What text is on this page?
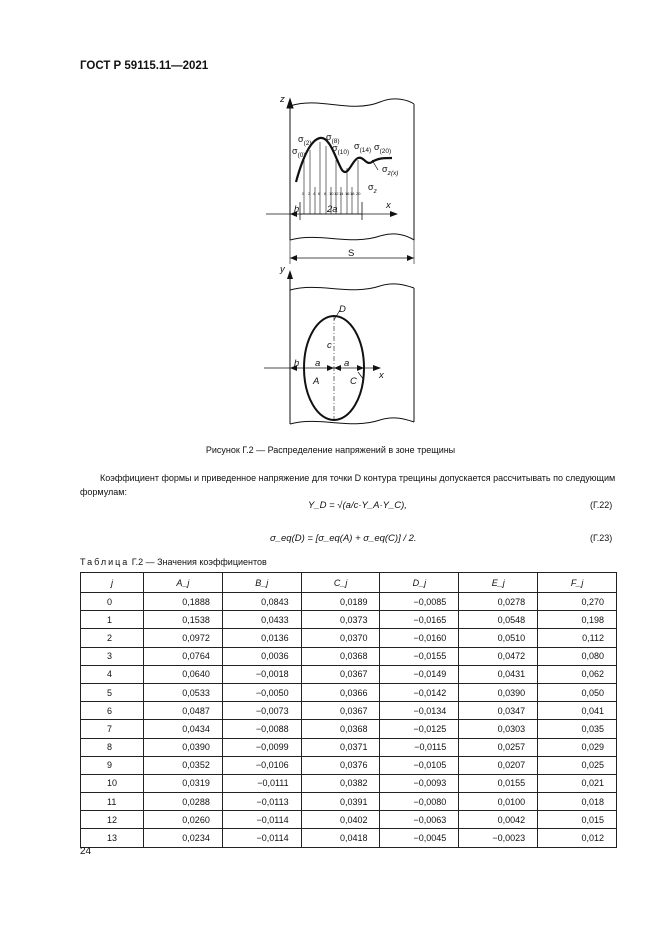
ГОСТ Р 59115.11—2021
z
x
h	2a
S
y
D
c
h a a
A	C
x
$\sigma_{(0)}$
$\sigma_{(2)}$
$\sigma_{(8)}$
$\sigma_{(10)}$
$\sigma_{(14)}$ $\sigma_{(20)}$
$\sigma_{z(x)}$
$\sigma_z$
0 2 4 6 8 10 12 14 16 18 20
Рисунок Г.2 — Распределение напряжений в зоне трещины
Коэффициент формы и приведенное напряжение для точки D контура трещины допускается рассчитывать по следующим формулам:
Y_D = √(a/c·Y_A·Y_C),	(Г.22)
σ_eq(D) = [σ_eq(A) + σ_eq(C)] / 2.	(Г.23)
Таблица Г.2 — Значения коэффициентов
j	A_j	B_j	C_j	D_j	E_j	F_j
0	0,1888	0,0843	0,0189	−0,0085	0,0278	0,270
1	0,1538	0,0433	0,0373	−0,0165	0,0548	0,198
2	0,0972	0,0136	0,0370	−0,0160	0,0510	0,112
3	0,0764	0,0036	0,0368	−0,0155	0,0472	0,080
4	0,0640	−0,0018	0,0367	−0,0149	0,0431	0,062
5	0,0533	−0,0050	0,0366	−0,0142	0,0390	0,050
6	0,0487	−0,0073	0,0367	−0,0134	0,0347	0,041
7	0,0434	−0,0088	0,0368	−0,0125	0,0303	0,035
8	0,0390	−0,0099	0,0371	−0,0115	0,0257	0,029
9	0,0352	−0,0106	0,0376	−0,0105	0,0207	0,025
10	0,0319	−0,0111	0,0382	−0,0093	0,0155	0,021
11	0,0288	−0,0113	0,0391	−0,0080	0,0100	0,018
12	0,0260	−0,0114	0,0402	−0,0063	0,0042	0,015
13	0,0234	−0,0114	0,0418	−0,0045	−0,0023	0,012
24
